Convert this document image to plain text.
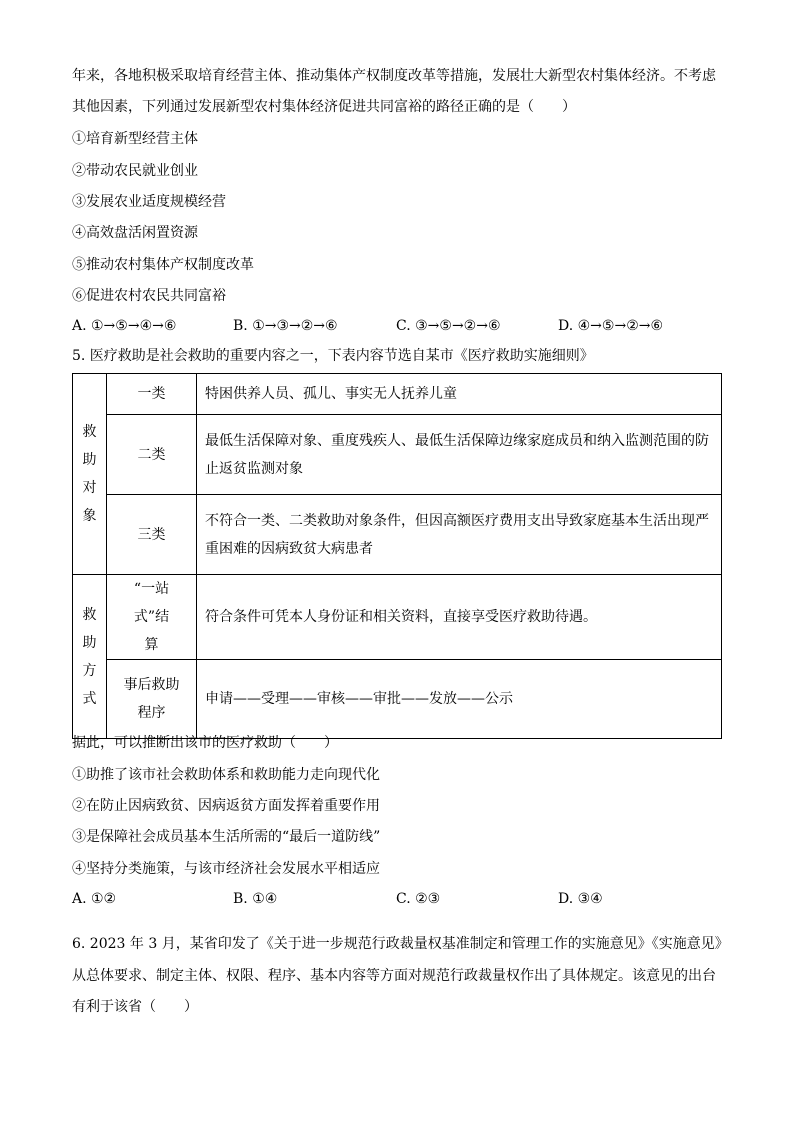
年来，各地积极采取培育经营主体、推动集体产权制度改革等措施，发展壮大新型农村集体经济。不考虑
其他因素，下列通过发展新型农村集体经济促进共同富裕的路径正确的是（　　）
①培育新型经营主体
②带动农民就业创业
③发展农业适度规模经营
④高效盘活闲置资源
⑤推动农村集体产权制度改革
⑥促进农村农民共同富裕
A. ①→⑤→④→⑥	B. ①→③→②→⑥	C. ③→⑤→②→⑥	D. ④→⑤→②→⑥
5. 医疗救助是社会救助的重要内容之一，下表内容节选自某市《医疗救助实施细则》
救助对象	一类	特困供养人员、孤儿、事实无人抚养儿童
	二类	最低生活保障对象、重度残疾人、最低生活保障边缘家庭成员和纳入监测范围的防止返贫监测对象
	三类	不符合一类、二类救助对象条件，但因高额医疗费用支出导致家庭基本生活出现严重困难的因病致贫大病患者
救助方式	“一站式”结算	符合条件可凭本人身份证和相关资料，直接享受医疗救助待遇。
	事后救助程序	申请——受理——审核——审批——发放——公示
据此，可以推断出该市的医疗救助（　　）
①助推了该市社会救助体系和救助能力走向现代化
②在防止因病致贫、因病返贫方面发挥着重要作用
③是保障社会成员基本生活所需的“最后一道防线”
④坚持分类施策，与该市经济社会发展水平相适应
A. ①②	B. ①④	C. ②③	D. ③④
6. 2023 年 3 月，某省印发了《关于进一步规范行政裁量权基准制定和管理工作的实施意见》《实施意见》
从总体要求、制定主体、权限、程序、基本内容等方面对规范行政裁量权作出了具体规定。该意见的出台
有利于该省（　　）
